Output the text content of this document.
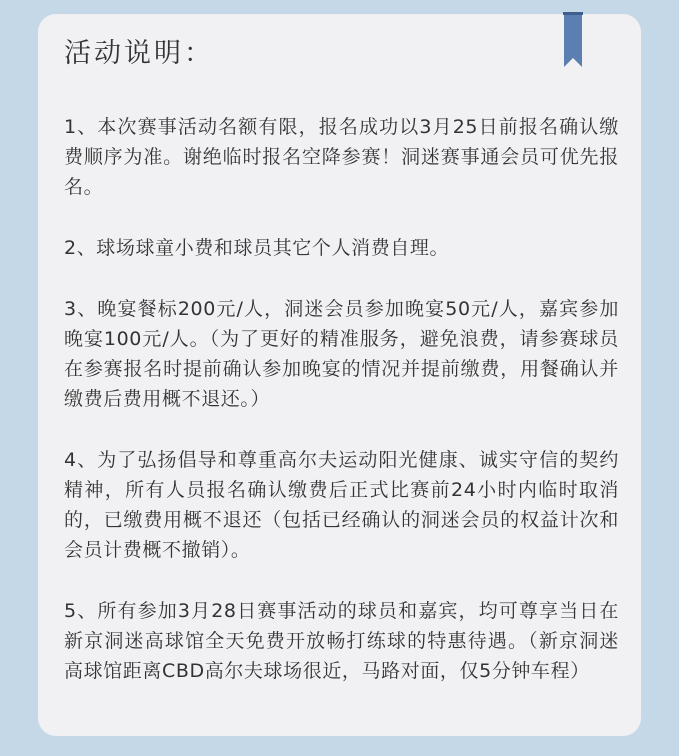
活动说明：
1、本次赛事活动名额有限，报名成功以3月25日前报名确认缴费顺序为准。谢绝临时报名空降参赛！洞迷赛事通会员可优先报名。
2、球场球童小费和球员其它个人消费自理。
3、晚宴餐标200元/人，洞迷会员参加晚宴50元/人，嘉宾参加晚宴100元/人。（为了更好的精准服务，避免浪费，请参赛球员在参赛报名时提前确认参加晚宴的情况并提前缴费，用餐确认并缴费后费用概不退还。）
4、为了弘扬倡导和尊重高尔夫运动阳光健康、诚实守信的契约精神，所有人员报名确认缴费后正式比赛前24小时内临时取消的，已缴费用概不退还（包括已经确认的洞迷会员的权益计次和会员计费概不撤销）。
5、所有参加3月28日赛事活动的球员和嘉宾，均可尊享当日在新京洞迷高球馆全天免费开放畅打练球的特惠待遇。（新京洞迷高球馆距离CBD高尔夫球场很近，马路对面，仅5分钟车程）
